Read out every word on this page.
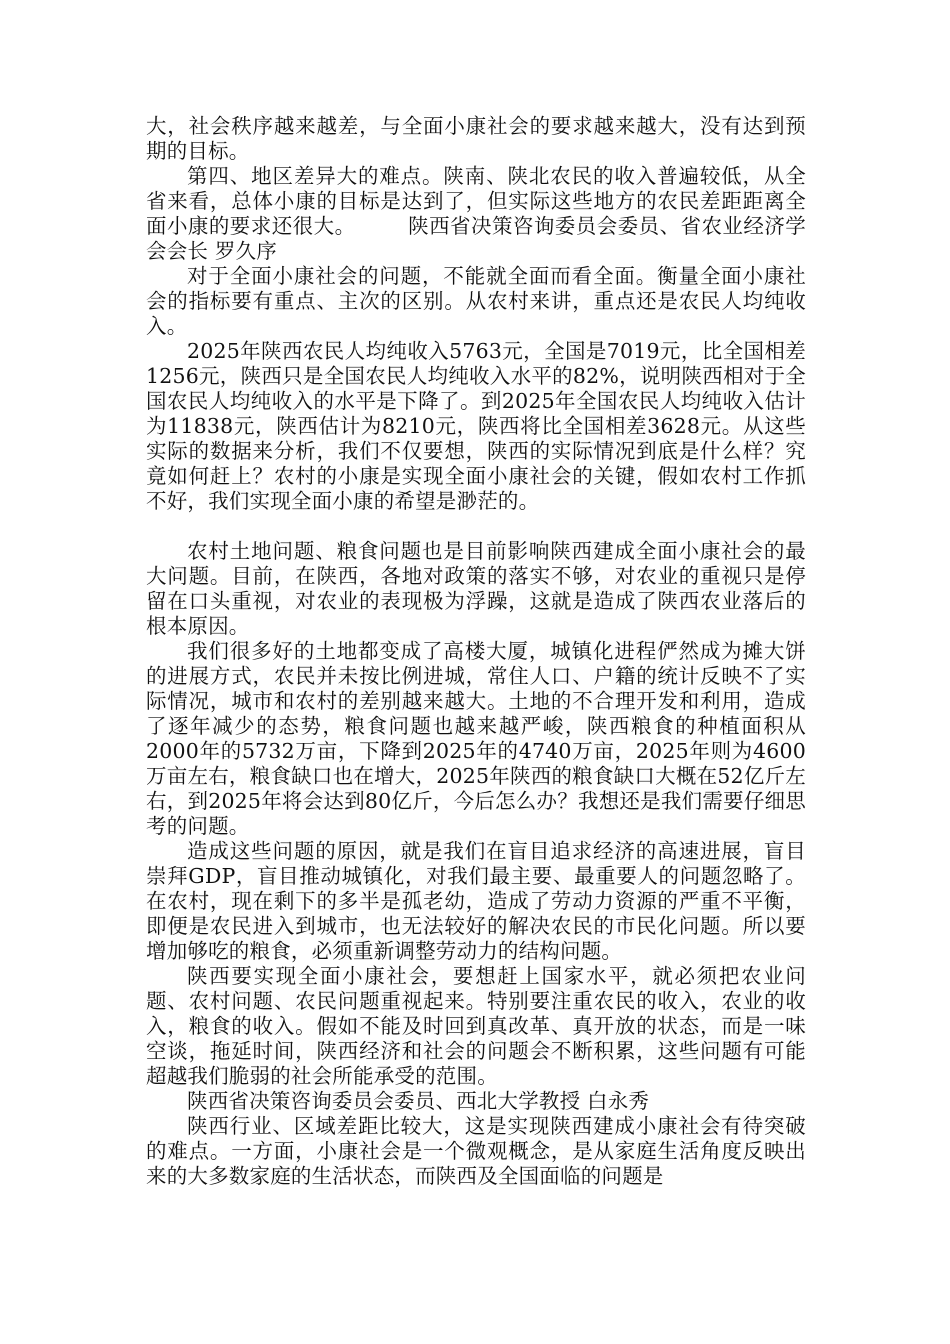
大，社会秩序越来越差，与全面小康社会的要求越来越大，没有达到预期的目标。

第四、地区差异大的难点。陕南、陕北农民的收入普遍较低，从全省来看，总体小康的目标是达到了，但实际这些地方的农民差距距离全面小康的要求还很大。　　　陕西省决策咨询委员会委员、省农业经济学会会长 罗久序

对于全面小康社会的问题，不能就全面而看全面。衡量全面小康社会的指标要有重点、主次的区别。从农村来讲，重点还是农民人均纯收入。

2025年陕西农民人均纯收入5763元，全国是7019元，比全国相差1256元，陕西只是全国农民人均纯收入水平的82%，说明陕西相对于全国农民人均纯收入的水平是下降了。到2025年全国农民人均纯收入估计为11838元，陕西估计为8210元，陕西将比全国相差3628元。从这些实际的数据来分析，我们不仅要想，陕西的实际情况到底是什么样？究竟如何赶上？农村的小康是实现全面小康社会的关键，假如农村工作抓不好，我们实现全面小康的希望是渺茫的。

农村土地问题、粮食问题也是目前影响陕西建成全面小康社会的最大问题。目前，在陕西，各地对政策的落实不够，对农业的重视只是停留在口头重视，对农业的表现极为浮躁，这就是造成了陕西农业落后的根本原因。

我们很多好的土地都变成了高楼大厦，城镇化进程俨然成为摊大饼的进展方式，农民并未按比例进城，常住人口、户籍的统计反映不了实际情况，城市和农村的差别越来越大。土地的不合理开发和利用，造成了逐年减少的态势，粮食问题也越来越严峻，陕西粮食的种植面积从2000年的5732万亩，下降到2025年的4740万亩，2025年则为4600万亩左右，粮食缺口也在增大，2025年陕西的粮食缺口大概在52亿斤左右，到2025年将会达到80亿斤，今后怎么办？我想还是我们需要仔细思考的问题。

造成这些问题的原因，就是我们在盲目追求经济的高速进展，盲目崇拜GDP，盲目推动城镇化，对我们最主要、最重要人的问题忽略了。在农村，现在剩下的多半是孤老幼，造成了劳动力资源的严重不平衡，即便是农民进入到城市，也无法较好的解决农民的市民化问题。所以要增加够吃的粮食，必须重新调整劳动力的结构问题。

陕西要实现全面小康社会，要想赶上国家水平，就必须把农业问题、农村问题、农民问题重视起来。特别要注重农民的收入，农业的收入，粮食的收入。假如不能及时回到真改革、真开放的状态，而是一味空谈，拖延时间，陕西经济和社会的问题会不断积累，这些问题有可能超越我们脆弱的社会所能承受的范围。

陕西省决策咨询委员会委员、西北大学教授 白永秀

陕西行业、区域差距比较大，这是实现陕西建成小康社会有待突破的难点。一方面，小康社会是一个微观概念，是从家庭生活角度反映出来的大多数家庭的生活状态，而陕西及全国面临的问题是
